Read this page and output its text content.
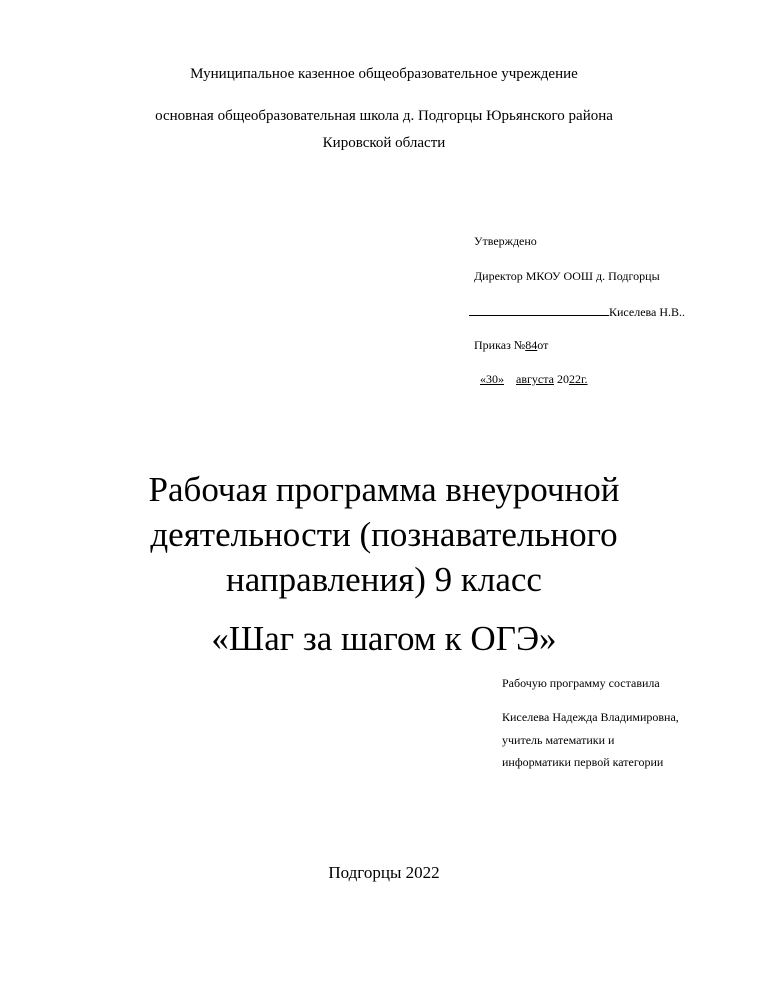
Муниципальное казенное общеобразовательное учреждение
основная общеобразовательная школа д. Подгорцы Юрьянского района
Кировской области
Утверждено
Директор МКОУ ООШ д. Подгорцы
Киселева Н.В..
Приказ №84от
«30» августа 2022г.
Рабочая программа внеурочной
деятельности (познавательного
направления) 9 класс
«Шаг за шагом к ОГЭ»
Рабочую программу составила
Киселева Надежда Владимировна,
учитель математики и
информатики первой категории
Подгорцы 2022
